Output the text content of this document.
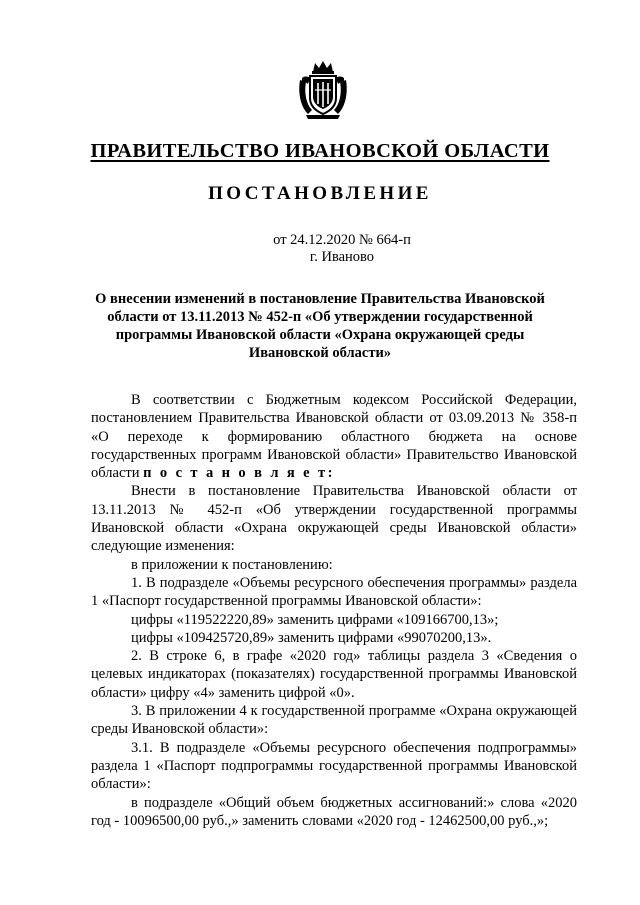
ПРАВИТЕЛЬСТВО ИВАНОВСКОЙ ОБЛАСТИ
ПОСТАНОВЛЕНИЕ
от 24.12.2020 № 664-п
г. Иваново
О внесении изменений в постановление Правительства Ивановской области от 13.11.2013 № 452-п «Об утверждении государственной программы Ивановской области «Охрана окружающей среды Ивановской области»

В соответствии с Бюджетным кодексом Российской Федерации, постановлением Правительства Ивановской области от 03.09.2013 № 358-п «О переходе к формированию областного бюджета на основе государственных программ Ивановской области» Правительство Ивановской области п о с т а н о в л я е т:

Внести в постановление Правительства Ивановской области от 13.11.2013 № 452-п «Об утверждении государственной программы Ивановской области «Охрана окружающей среды Ивановской области» следующие изменения:

в приложении к постановлению:

1. В подразделе «Объемы ресурсного обеспечения программы» раздела 1 «Паспорт государственной программы Ивановской области»:

цифры «119522220,89» заменить цифрами «109166700,13»;

цифры «109425720,89» заменить цифрами «99070200,13».

2. В строке 6, в графе «2020 год» таблицы раздела 3 «Сведения о целевых индикаторах (показателях) государственной программы Ивановской области» цифру «4» заменить цифрой «0».

3. В приложении 4 к государственной программе «Охрана окружающей среды Ивановской области»:

3.1. В подразделе «Объемы ресурсного обеспечения подпрограммы» раздела 1 «Паспорт подпрограммы государственной программы Ивановской области»:

в подразделе «Общий объем бюджетных ассигнований:» слова «2020 год - 10096500,00 руб.,» заменить словами «2020 год - 12462500,00 руб.,»;
